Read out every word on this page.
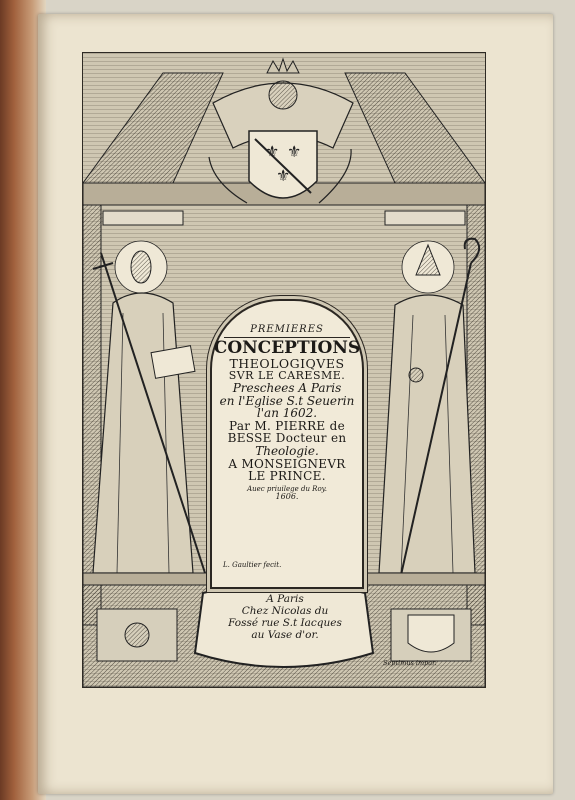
⚜ ⚜
⚜
PREMIERES
CONCEPTIONS
THEOLOGIQVES
SVR LE CARESME.
Preschees A Paris
en l'Eglise S.t Seuerin
l'an 1602.
Par M. PIERRE de
BESSE Docteur en
Theologie.
A MONSEIGNEVR
LE PRINCE.
Auec priuilege du Roy.
1606.
L. Gaultier fecit.
A Paris
Chez Nicolas du
Fossé rue S.t Iacques
au Vase d'or.
Septimus impar.
